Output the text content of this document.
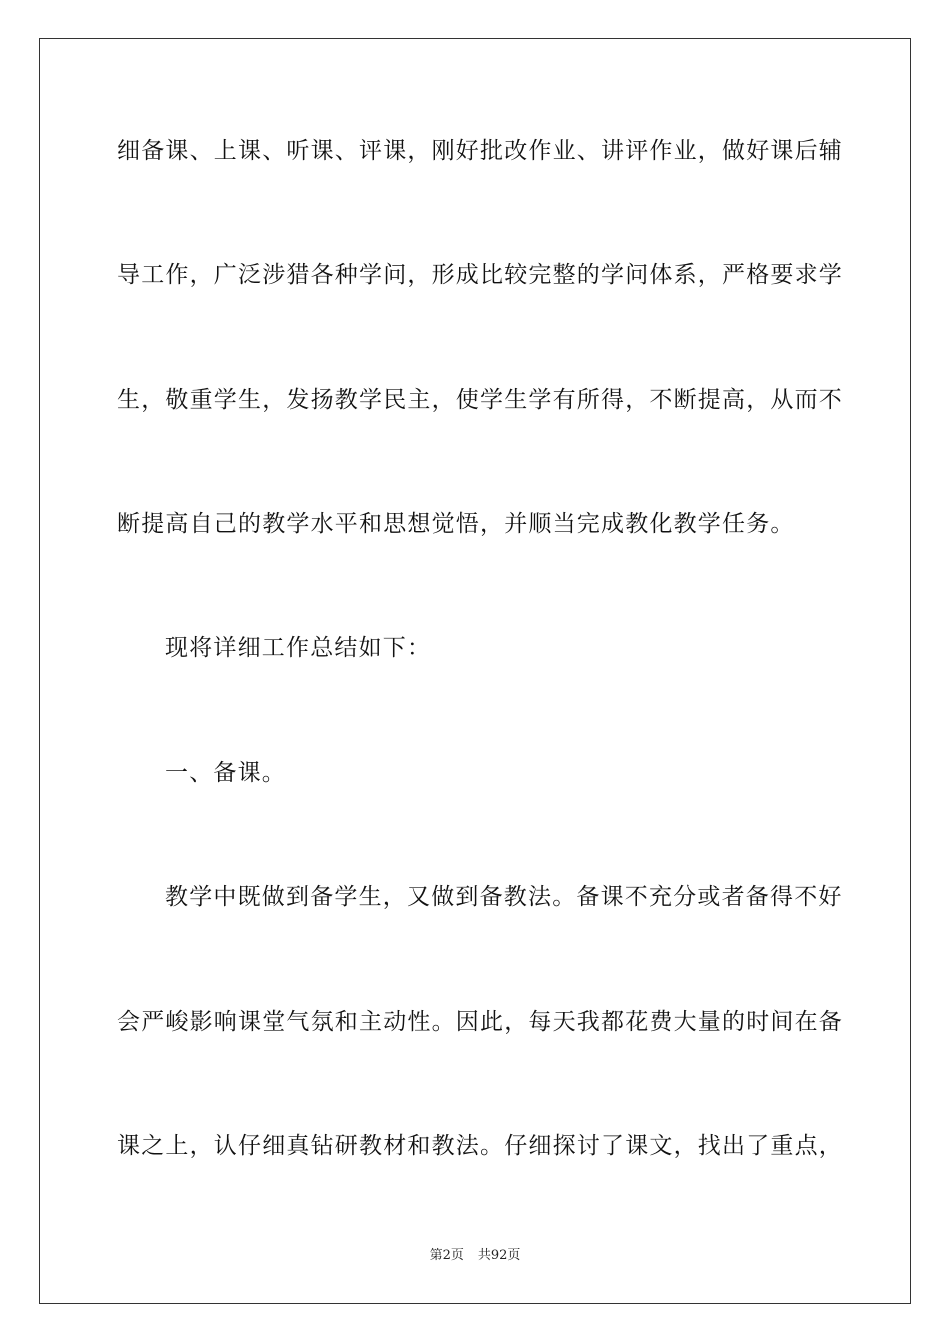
细备课、上课、听课、评课，刚好批改作业、讲评作业，做好课后辅
导工作，广泛涉猎各种学问，形成比较完整的学问体系，严格要求学
生，敬重学生，发扬教学民主，使学生学有所得，不断提高，从而不
断提高自己的教学水平和思想觉悟，并顺当完成教化教学任务。
现将详细工作总结如下：
一、备课。
教学中既做到备学生，又做到备教法。备课不充分或者备得不好
会严峻影响课堂气氛和主动性。因此，每天我都花费大量的时间在备
课之上，认仔细真钻研教材和教法。仔细探讨了课文，找出了重点，
第2页 共92页
